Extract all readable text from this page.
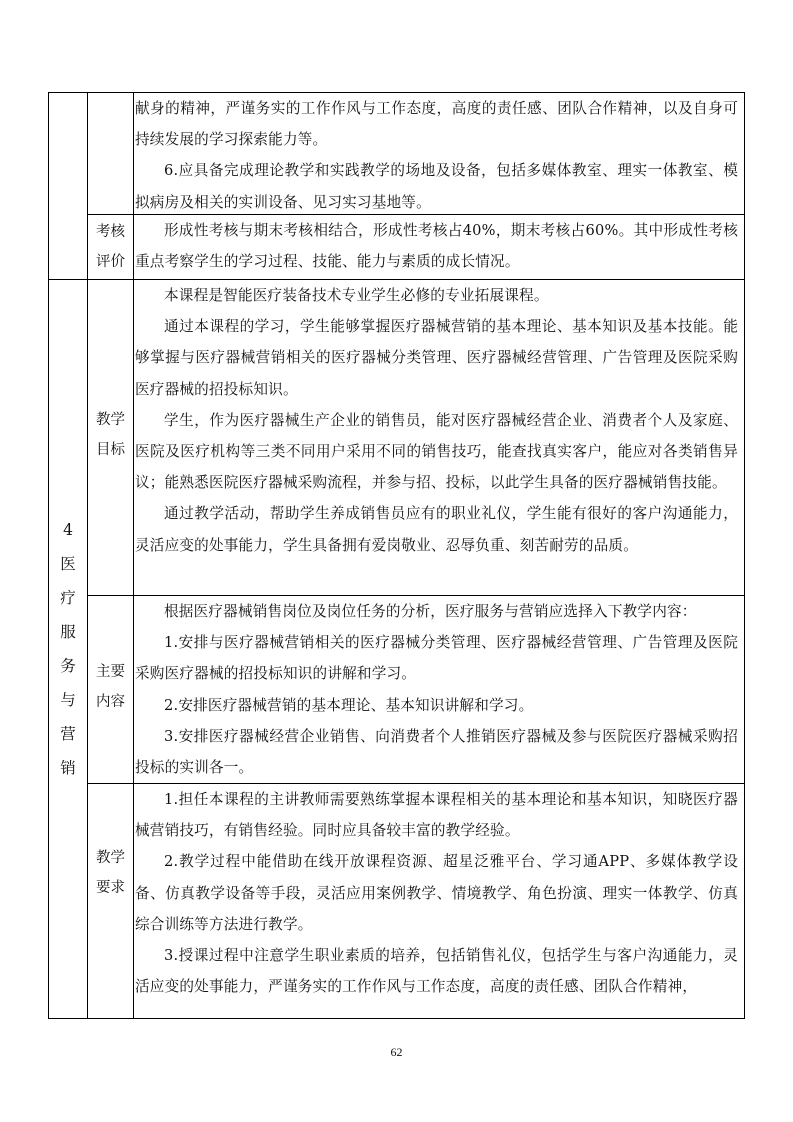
献身的精神，严谨务实的工作作风与工作态度，高度的责任感、团队合作精神，以及自身可持续发展的学习探索能力等。

6.应具备完成理论教学和实践教学的场地及设备，包括多媒体教室、理实一体教室、模拟病房及相关的实训设备、见习实习基地等。

考核
评价

形成性考核与期末考核相结合，形成性考核占40%，期末考核占60%。其中形成性考核重点考察学生的学习过程、技能、能力与素质的成长情况。

4
医
疗
服
务
与
营
销
教学
目标

本课程是智能医疗装备技术专业学生必修的专业拓展课程。

通过本课程的学习，学生能够掌握医疗器械营销的基本理论、基本知识及基本技能。能够掌握与医疗器械营销相关的医疗器械分类管理、医疗器械经营管理、广告管理及医院采购医疗器械的招投标知识。

学生，作为医疗器械生产企业的销售员，能对医疗器械经营企业、消费者个人及家庭、医院及医疗机构等三类不同用户采用不同的销售技巧，能查找真实客户，能应对各类销售异议；能熟悉医院医疗器械采购流程，并参与招、投标，以此学生具备的医疗器械销售技能。

通过教学活动，帮助学生养成销售员应有的职业礼仪，学生能有很好的客户沟通能力，灵活应变的处事能力，学生具备拥有爱岗敬业、忍辱负重、刻苦耐劳的品质。

主要
内容

根据医疗器械销售岗位及岗位任务的分析，医疗服务与营销应选择入下教学内容：

1.安排与医疗器械营销相关的医疗器械分类管理、医疗器械经营管理、广告管理及医院采购医疗器械的招投标知识的讲解和学习。

2.安排医疗器械营销的基本理论、基本知识讲解和学习。

3.安排医疗器械经营企业销售、向消费者个人推销医疗器械及参与医院医疗器械采购招投标的实训各一。

教学
要求

1.担任本课程的主讲教师需要熟练掌握本课程相关的基本理论和基本知识，知晓医疗器械营销技巧，有销售经验。同时应具备较丰富的教学经验。

2.教学过程中能借助在线开放课程资源、超星泛雅平台、学习通APP、多媒体教学设备、仿真教学设备等手段，灵活应用案例教学、情境教学、角色扮演、理实一体教学、仿真综合训练等方法进行教学。

3.授课过程中注意学生职业素质的培养，包括销售礼仪，包括学生与客户沟通能力，灵活应变的处事能力，严谨务实的工作作风与工作态度，高度的责任感、团队合作精神，

62
